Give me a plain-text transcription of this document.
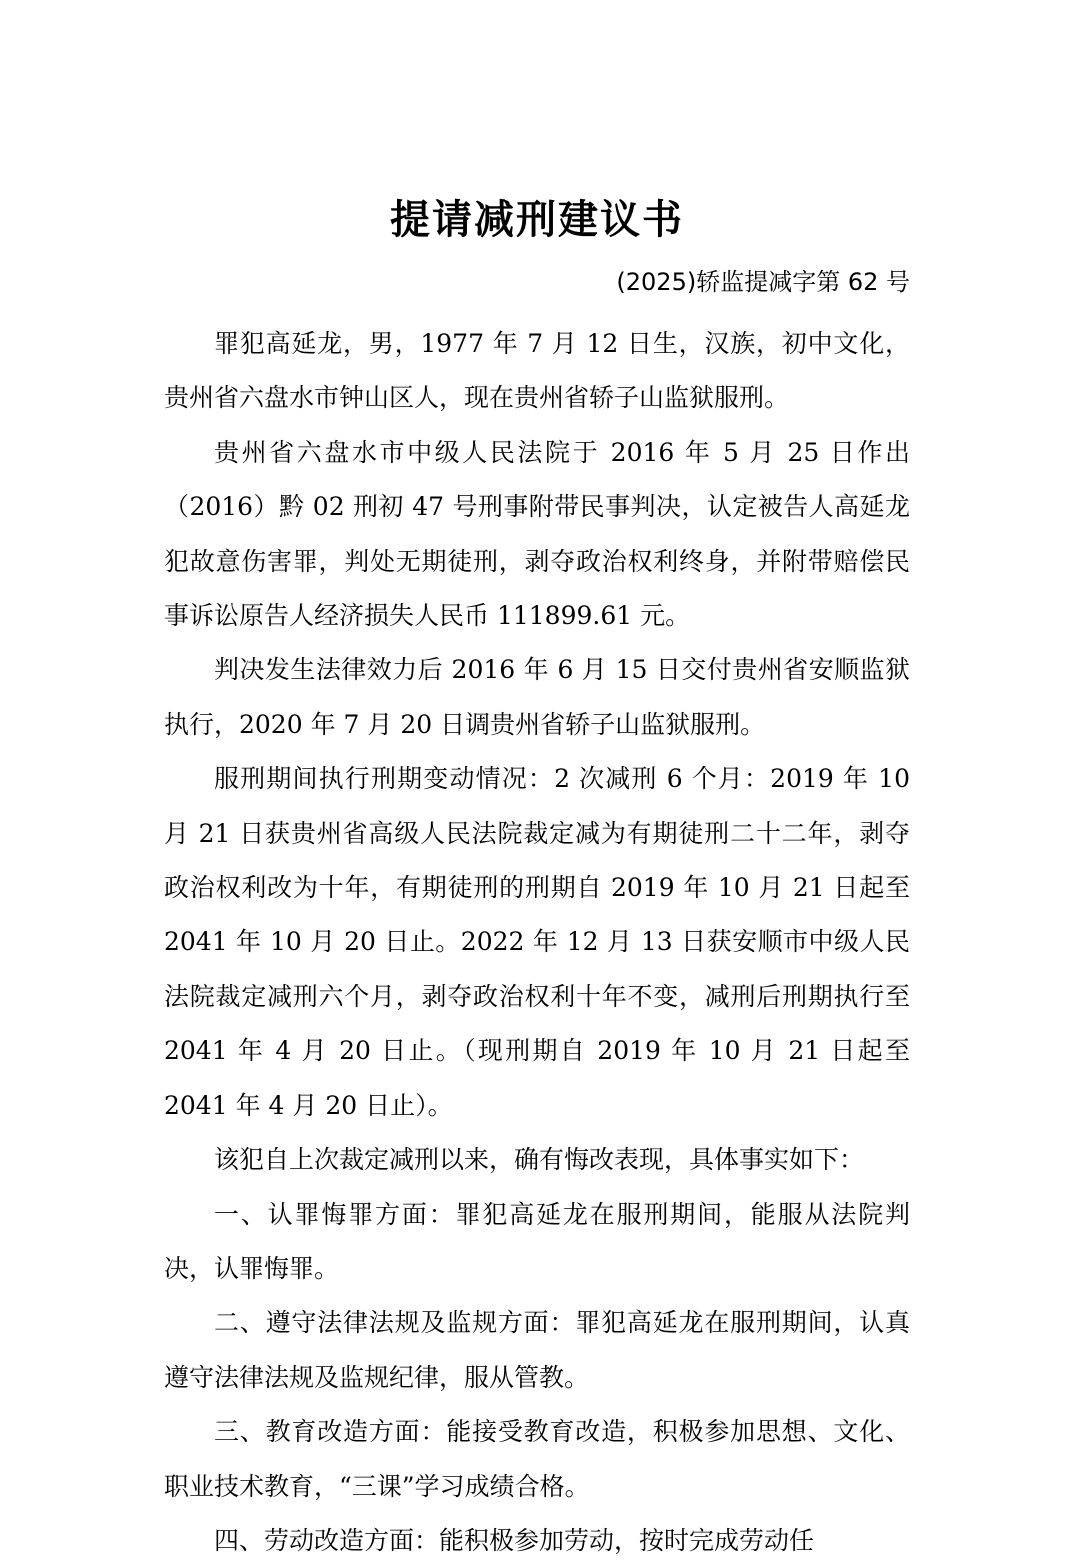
提请减刑建议书
(2025)轿监提减字第 62 号

罪犯高延龙，男，1977 年 7 月 12 日生，汉族，初中文化，贵州省六盘水市钟山区人，现在贵州省轿子山监狱服刑。

贵州省六盘水市中级人民法院于 2016 年 5 月 25 日作出（2016）黔 02 刑初 47 号刑事附带民事判决，认定被告人高延龙犯故意伤害罪，判处无期徒刑，剥夺政治权利终身，并附带赔偿民事诉讼原告人经济损失人民币 111899.61 元。

判决发生法律效力后 2016 年 6 月 15 日交付贵州省安顺监狱执行，2020 年 7 月 20 日调贵州省轿子山监狱服刑。

服刑期间执行刑期变动情况：2 次减刑 6 个月：2019 年 10 月 21 日获贵州省高级人民法院裁定减为有期徒刑二十二年，剥夺政治权利改为十年，有期徒刑的刑期自 2019 年 10 月 21 日起至 2041 年 10 月 20 日止。2022 年 12 月 13 日获安顺市中级人民法院裁定减刑六个月，剥夺政治权利十年不变，减刑后刑期执行至 2041 年 4 月 20 日止。（现刑期自 2019 年 10 月 21 日起至 2041 年 4 月 20 日止）。

该犯自上次裁定减刑以来，确有悔改表现，具体事实如下：

一、认罪悔罪方面：罪犯高延龙在服刑期间，能服从法院判决，认罪悔罪。

二、遵守法律法规及监规方面：罪犯高延龙在服刑期间，认真遵守法律法规及监规纪律，服从管教。

三、教育改造方面：能接受教育改造，积极参加思想、文化、职业技术教育，“三课”学习成绩合格。

四、劳动改造方面：能积极参加劳动，按时完成劳动任
